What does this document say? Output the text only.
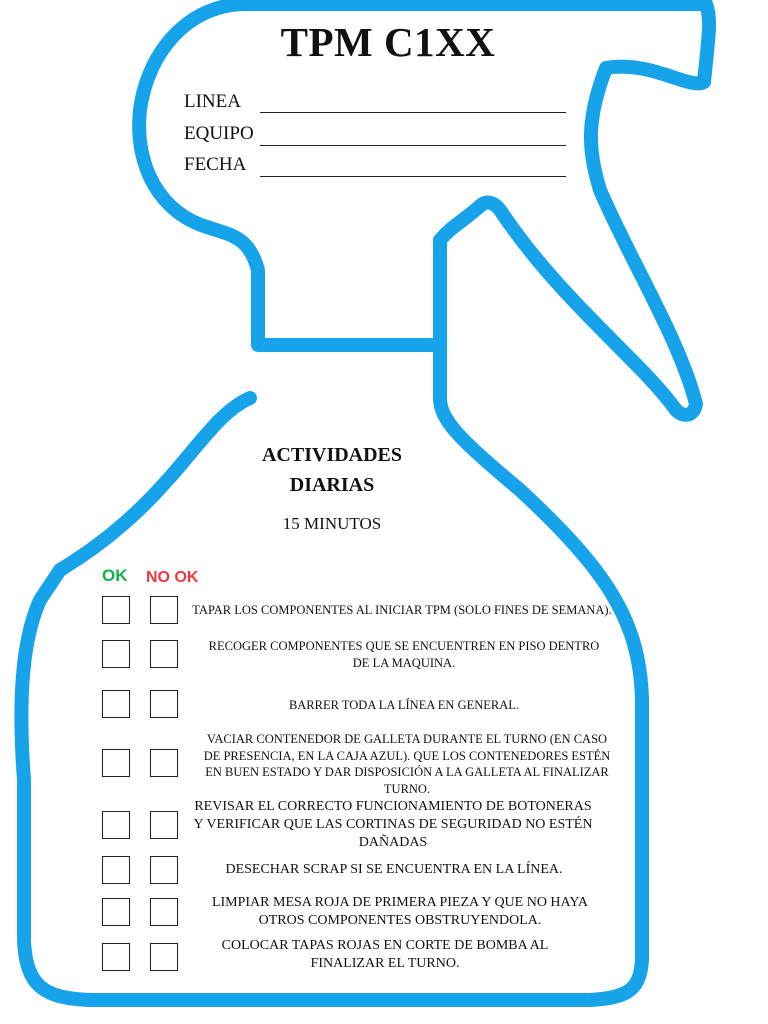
TPM C1XX
LINEA
EQUIPO
FECHA
ACTIVIDADES
DIARIAS
15 MINUTOS
OK NO OK
TAPAR LOS COMPONENTES AL INICIAR TPM (SOLO FINES DE SEMANA).
RECOGER COMPONENTES QUE SE ENCUENTREN EN PISO DENTRO DE LA MAQUINA.
BARRER TODA LA LÍNEA EN GENERAL.
VACIAR CONTENEDOR DE GALLETA DURANTE EL TURNO (EN CASO DE PRESENCIA, EN LA CAJA AZUL). QUE LOS CONTENEDORES ESTÉN EN BUEN ESTADO Y DAR DISPOSICIÓN A LA GALLETA AL FINALIZAR TURNO.
REVISAR EL CORRECTO FUNCIONAMIENTO DE BOTONERAS Y VERIFICAR QUE LAS CORTINAS DE SEGURIDAD NO ESTÉN DAÑADAS
DESECHAR SCRAP SI SE ENCUENTRA EN LA LÍNEA.
LIMPIAR MESA ROJA DE PRIMERA PIEZA Y QUE NO HAYA OTROS COMPONENTES OBSTRUYENDOLA.
COLOCAR TAPAS ROJAS EN CORTE DE BOMBA AL FINALIZAR EL TURNO.
